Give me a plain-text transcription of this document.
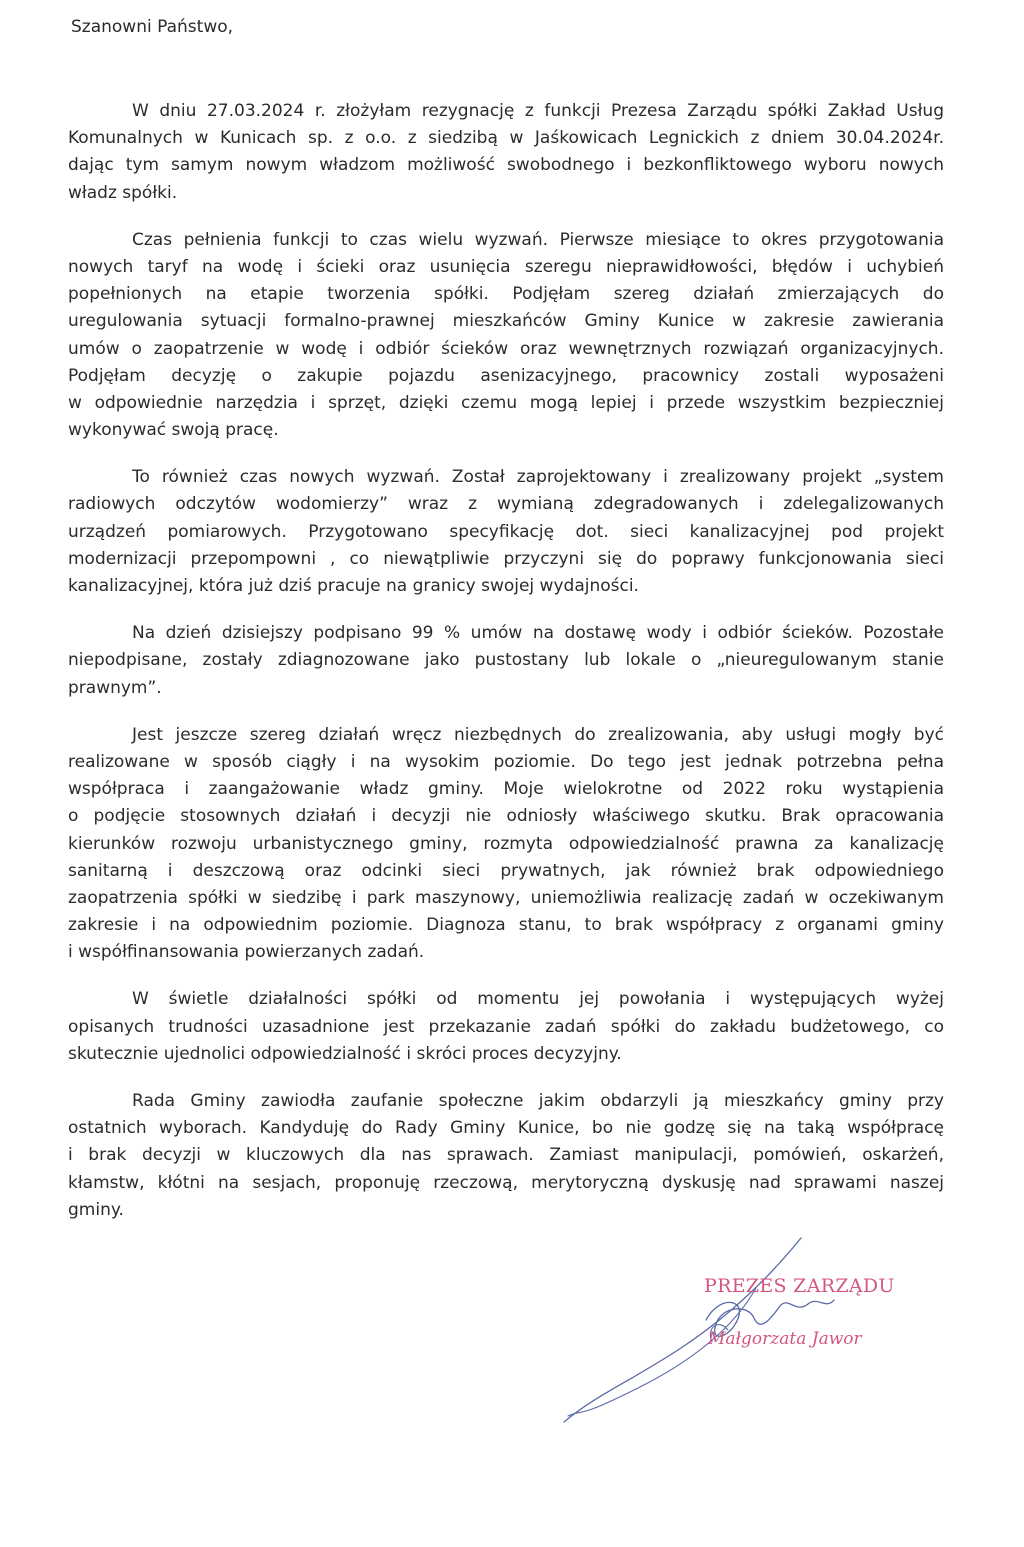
Szanowni Państwo,
W dniu 27.03.2024 r. złożyłam rezygnację z funkcji Prezesa Zarządu spółki Zakład Usług
Komunalnych w Kunicach sp. z o.o. z siedzibą w Jaśkowicach Legnickich z dniem 30.04.2024r.
dając tym samym nowym władzom możliwość swobodnego i bezkonfliktowego wyboru nowych
władz spółki.
Czas pełnienia funkcji to czas wielu wyzwań. Pierwsze miesiące to okres przygotowania
nowych taryf na wodę i ścieki oraz usunięcia szeregu nieprawidłowości, błędów i uchybień
popełnionych na etapie tworzenia spółki. Podjęłam szereg działań zmierzających do
uregulowania sytuacji formalno-prawnej mieszkańców Gminy Kunice w zakresie zawierania
umów o zaopatrzenie w wodę i odbiór ścieków oraz wewnętrznych rozwiązań organizacyjnych.
Podjęłam decyzję o zakupie pojazdu asenizacyjnego, pracownicy zostali wyposażeni
w odpowiednie narzędzia i sprzęt, dzięki czemu mogą lepiej i przede wszystkim bezpieczniej
wykonywać swoją pracę.
To również czas nowych wyzwań. Został zaprojektowany i zrealizowany projekt „system
radiowych odczytów wodomierzy” wraz z wymianą zdegradowanych i zdelegalizowanych
urządzeń pomiarowych. Przygotowano specyfikację dot. sieci kanalizacyjnej pod projekt
modernizacji przepompowni , co niewątpliwie przyczyni się do poprawy funkcjonowania sieci
kanalizacyjnej, która już dziś pracuje na granicy swojej wydajności.
Na dzień dzisiejszy podpisano 99 % umów na dostawę wody i odbiór ścieków. Pozostałe
niepodpisane, zostały zdiagnozowane jako pustostany lub lokale o „nieuregulowanym stanie
prawnym”.
Jest jeszcze szereg działań wręcz niezbędnych do zrealizowania, aby usługi mogły być
realizowane w sposób ciągły i na wysokim poziomie. Do tego jest jednak potrzebna pełna
współpraca i zaangażowanie władz gminy. Moje wielokrotne od 2022 roku wystąpienia
o podjęcie stosownych działań i decyzji nie odniosły właściwego skutku. Brak opracowania
kierunków rozwoju urbanistycznego gminy, rozmyta odpowiedzialność prawna za kanalizację
sanitarną i deszczową oraz odcinki sieci prywatnych, jak również brak odpowiedniego
zaopatrzenia spółki w siedzibę i park maszynowy, uniemożliwia realizację zadań w oczekiwanym
zakresie i na odpowiednim poziomie. Diagnoza stanu, to brak współpracy z organami gminy
i współfinansowania powierzanych zadań.
W świetle działalności spółki od momentu jej powołania i występujących wyżej
opisanych trudności uzasadnione jest przekazanie zadań spółki do zakładu budżetowego, co
skutecznie ujednolici odpowiedzialność i skróci proces decyzyjny.
Rada Gminy zawiodła zaufanie społeczne jakim obdarzyli ją mieszkańcy gminy przy
ostatnich wyborach. Kandyduję do Rady Gminy Kunice, bo nie godzę się na taką współpracę
i brak decyzji w kluczowych dla nas sprawach. Zamiast manipulacji, pomówień, oskarżeń,
kłamstw, kłótni na sesjach, proponuję rzeczową, merytoryczną dyskusję nad sprawami naszej
gminy.
PREZES ZARZĄDU
Małgorzata Jawor
